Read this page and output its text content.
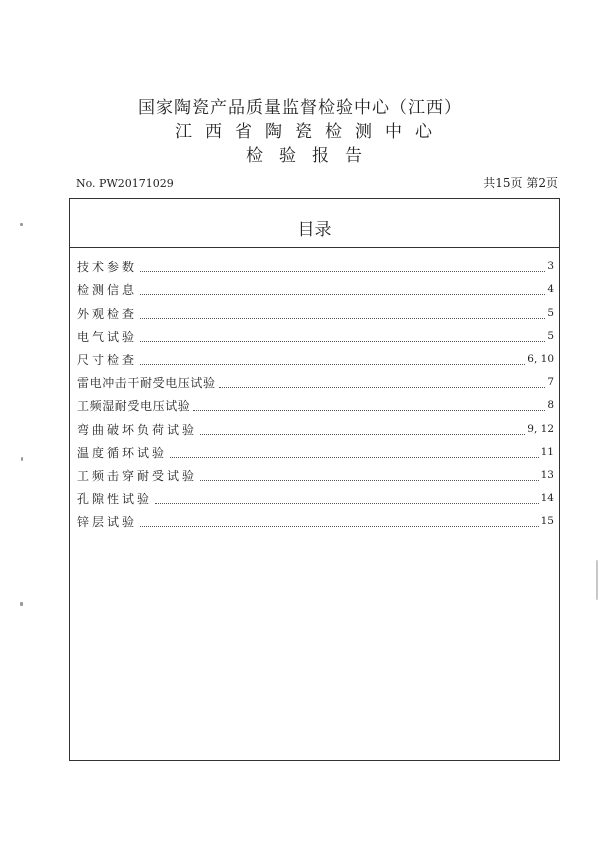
国家陶瓷产品质量监督检验中心（江西）
江西省陶瓷检测中心
检验报告
No. PW20171029	共15页 第2页
目录
技术参数	3
检测信息	4
外观检查	5
电气试验	5
尺寸检查	6, 10
雷电冲击干耐受电压试验	7
工频湿耐受电压试验	8
弯曲破坏负荷试验	9, 12
温度循环试验	11
工频击穿耐受试验	13
孔隙性试验	14
锌层试验	15
